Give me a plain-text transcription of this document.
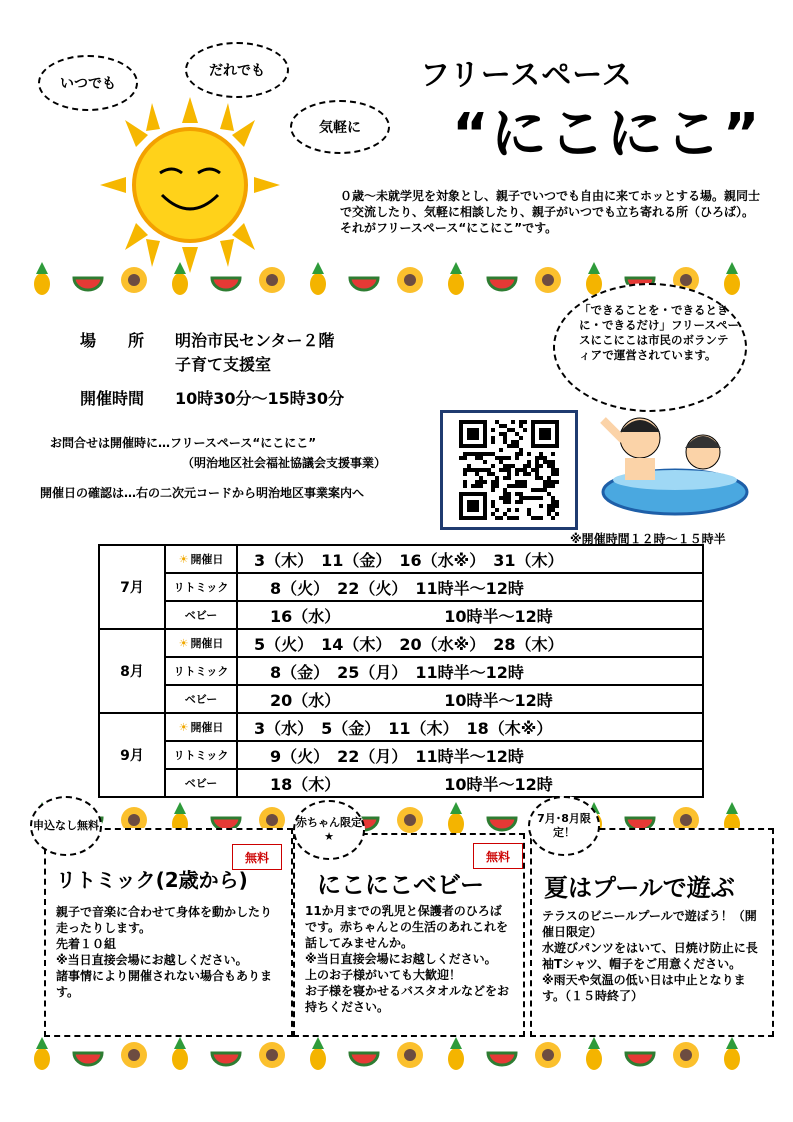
いつでも
だれでも
気軽に
フリースペース
“にこにこ”
０歳～未就学児を対象とし、親子でいつでも自由に来てホッとする場。親同士で交流したり、気軽に相談したり、親子がいつでも立ち寄れる所（ひろば）。それがフリースペース“にこにこ”です。
場　　所 明治市民センター２階
子育て支援室
開催時間 10時30分～15時30分
お問合せは開催時に…フリースペース“にこにこ”
（明治地区社会福祉協議会支援事業）
開催日の確認は…右の二次元コードから明治地区事業案内へ
「できることを・できるときに・できるだけ」フリースペースにこにこは市民のボランティアで運営されています。
※開催時間１２時～１５時半
7月	☀ 開催日	3（木）　11（金）　16（水※）　31（木）
	リトミック	　8（火）　22（火）　11時半～12時
	ベビー	　16（水）　　　　　　　10時半～12時
8月	☀ 開催日	5（火）　14（木）　20（水※）　28（木）
	リトミック	　8（金）　25（月）　11時半～12時
	ベビー	　20（水）　　　　　　　10時半～12時
9月	☀ 開催日	3（水）　5（金）　11（木）　18（木※）
	リトミック	　9（火）　22（月）　11時半～12時
	ベビー	　18（木）　　　　　　　10時半～12時
無料
リトミック(2歳から)
親子で音楽に合わせて身体を動かしたり走ったりします。
先着１０組
※当日直接会場にお越しください。
諸事情により開催されない場合もあります。
申込なし無料
無料
にこにこベビー
11か月までの乳児と保護者のひろばです。赤ちゃんとの生活のあれこれを話してみませんか。
※当日直接会場にお越しください。
上のお子様がいても大歓迎！
お子様を寝かせるバスタオルなどをお持ちください。
赤ちゃん限定★
夏はプールで遊ぶ
テラスのビニールプールで遊ぼう！（開催日限定）
水遊びパンツをはいて、日焼け防止に長袖Tシャツ、帽子をご用意ください。
※雨天や気温の低い日は中止となります。（１５時終了）
7月･8月限定！
